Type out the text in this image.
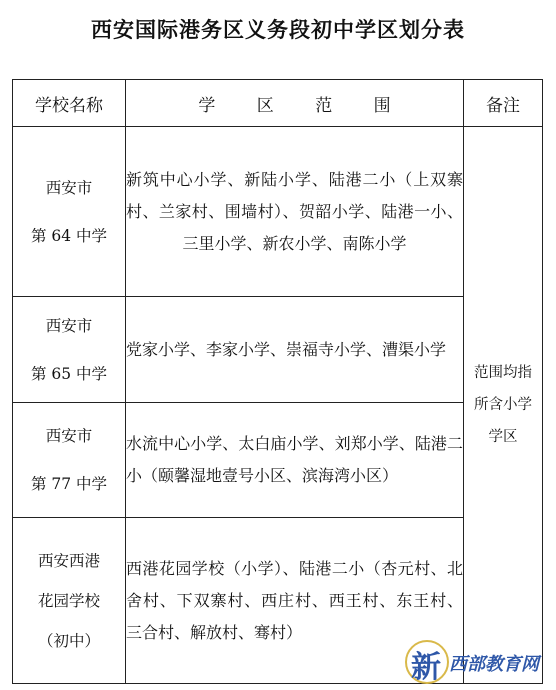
西安国际港务区义务段初中学区划分表
学校名称	学 区 范 围	备注

西安市
第 64 中学	新筑中心小学、新陆小学、陆港二小（上双寨村、兰家村、围墙村）、贺韶小学、陆港一小、三里小学、新农小学、南陈小学	范围均指所含小学学区

西安市
第 65 中学	党家小学、李家小学、崇福寺小学、漕渠小学	

西安市
第 77 中学	水流中心小学、太白庙小学、刘郑小学、陆港二小（颐馨湿地壹号小区、滨海湾小区）	

西安西港
花园学校
（初中）	西港花园学校（小学）、陆港二小（杏元村、北舍村、下双寨村、西庄村、西王村、东王村、 三合村、解放村、骞村）	
新 西部教育网
